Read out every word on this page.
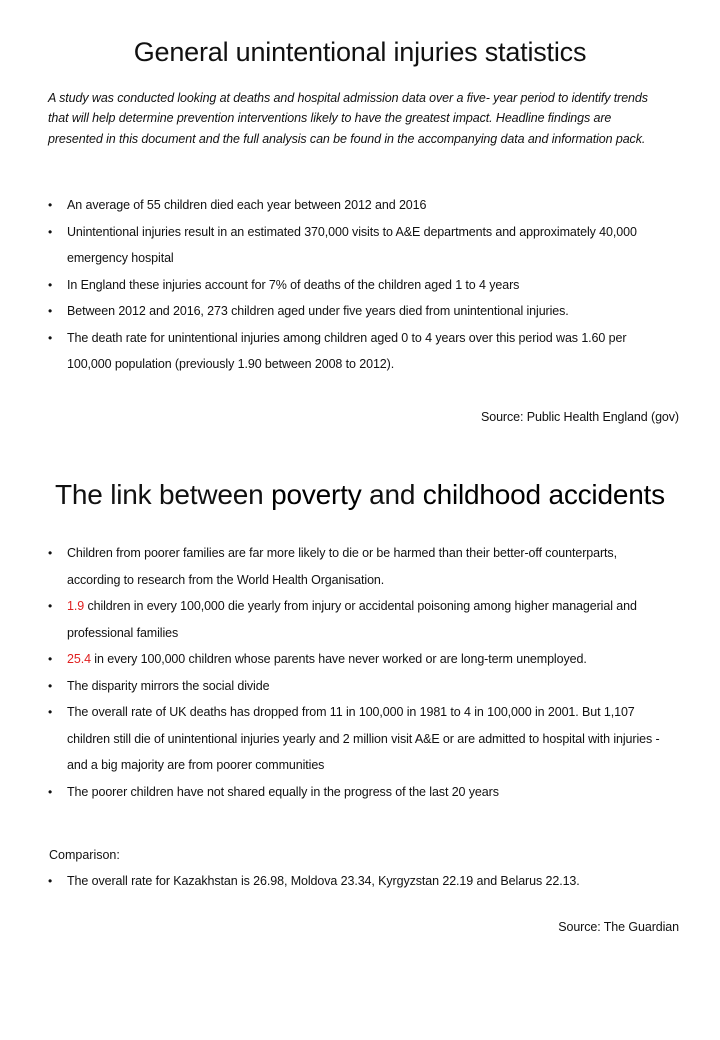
General unintentional injuries statistics

A study was conducted looking at deaths and hospital admission data over a five- year period to identify trends that will help determine prevention interventions likely to have the greatest impact. Headline findings are presented in this document and the full analysis can be found in the accompanying data and information pack.

• An average of 55 children died each year between 2012 and 2016
• Unintentional injuries result in an estimated 370,000 visits to A&E departments and approximately 40,000 emergency hospital
• In England these injuries account for 7% of deaths of the children aged 1 to 4 years
• Between 2012 and 2016, 273 children aged under five years died from unintentional injuries.
• The death rate for unintentional injuries among children aged 0 to 4 years over this period was 1.60 per 100,000 population (previously 1.90 between 2008 to 2012).

Source: Public Health England (gov)

The link between poverty and childhood accidents
• Children from poorer families are far more likely to die or be harmed than their better-off counterparts, according to research from the World Health Organisation.
• 1.9 children in every 100,000 die yearly from injury or accidental poisoning among higher managerial and professional families
• 25.4 in every 100,000 children whose parents have never worked or are long-term unemployed.
• The disparity mirrors the social divide
• The overall rate of UK deaths has dropped from 11 in 100,000 in 1981 to 4 in 100,000 in 2001. But 1,107 children still die of unintentional injuries yearly and 2 million visit A&E or are admitted to hospital with injuries - and a big majority are from poorer communities
• The poorer children have not shared equally in the progress of the last 20 years

Comparison:

• The overall rate for Kazakhstan is 26.98, Moldova 23.34, Kyrgyzstan 22.19 and Belarus 22.13.

Source: The Guardian
